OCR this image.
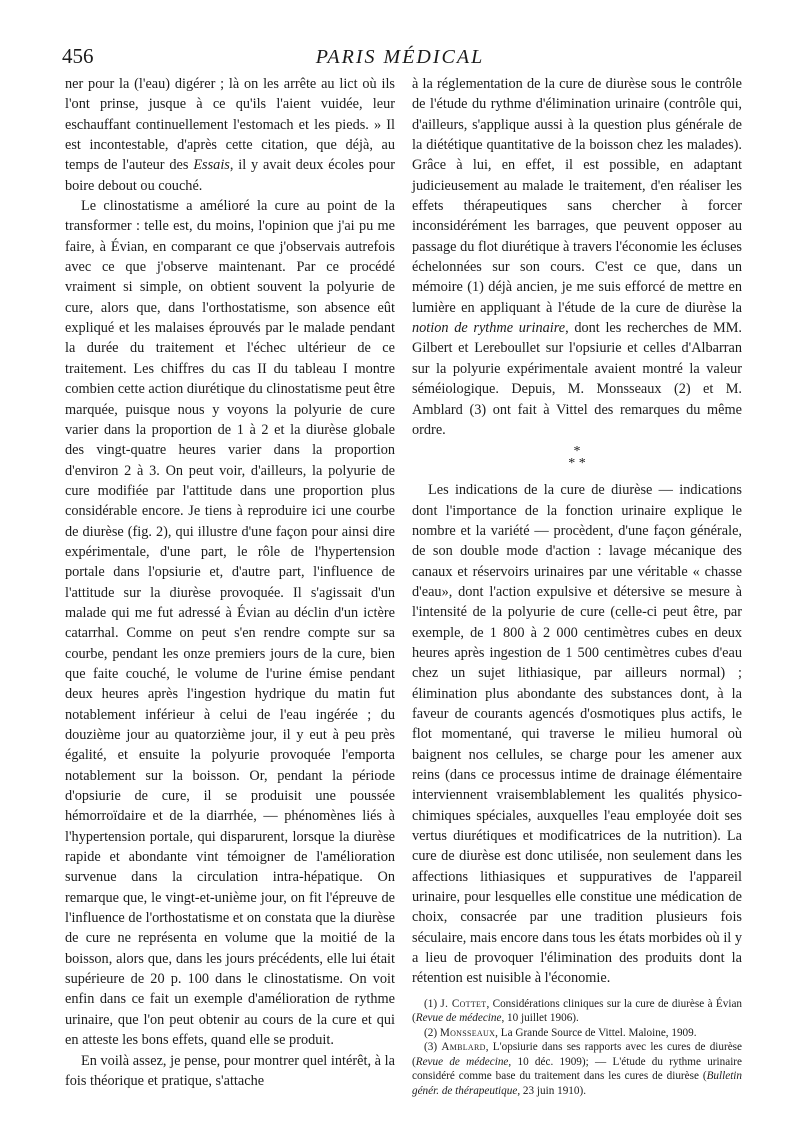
456	PARIS MÉDICAL

ner pour la (l'eau) digérer ; là on les arrête au lict où ils l'ont prinse, jusque à ce qu'ils l'aient vuidée, leur eschauffant continuellement l'estomach et les pieds. » Il est incontestable, d'après cette citation, que déjà, au temps de l'auteur des Essais, il y avait deux écoles pour boire debout ou couché.

Le clinostatisme a amélioré la cure au point de la transformer : telle est, du moins, l'opinion que j'ai pu me faire, à Évian, en comparant ce que j'observais autrefois avec ce que j'observe maintenant. Par ce procédé vraiment si simple, on obtient souvent la polyurie de cure, alors que, dans l'orthostatisme, son absence eût expliqué et les malaises éprouvés par le malade pendant la durée du traitement et l'échec ultérieur de ce traitement. Les chiffres du cas II du tableau I montre combien cette action diurétique du clinostatisme peut être marquée, puisque nous y voyons la polyurie de cure varier dans la proportion de 1 à 2 et la diurèse globale des vingt-quatre heures varier dans la proportion d'environ 2 à 3. On peut voir, d'ailleurs, la polyurie de cure modifiée par l'attitude dans une proportion plus considérable encore. Je tiens à reproduire ici une courbe de diurèse (fig. 2), qui illustre d'une façon pour ainsi dire expérimentale, d'une part, le rôle de l'hypertension portale dans l'opsiurie et, d'autre part, l'influence de l'attitude sur la diurèse provoquée. Il s'agissait d'un malade qui me fut adressé à Évian au déclin d'un ictère catarrhal. Comme on peut s'en rendre compte sur sa courbe, pendant les onze premiers jours de la cure, bien que faite couché, le volume de l'urine émise pendant deux heures après l'ingestion hydrique du matin fut notablement inférieur à celui de l'eau ingérée ; du douzième jour au quatorzième jour, il y eut à peu près égalité, et ensuite la polyurie provoquée l'emporta notablement sur la boisson. Or, pendant la période d'opsiurie de cure, il se produisit une poussée hémorroïdaire et de la diarrhée, — phénomènes liés à l'hypertension portale, qui disparurent, lorsque la diurèse rapide et abondante vint témoigner de l'amélioration survenue dans la circulation intra-hépatique. On remarque que, le vingt-et-unième jour, on fit l'épreuve de l'influence de l'orthostatisme et on constata que la diurèse de cure ne représenta en volume que la moitié de la boisson, alors que, dans les jours précédents, elle lui était supérieure de 20 p. 100 dans le clinostatisme. On voit enfin dans ce fait un exemple d'amélioration de rythme urinaire, que l'on peut obtenir au cours de la cure et qui en atteste les bons effets, quand elle se produit.

En voilà assez, je pense, pour montrer quel intérêt, à la fois théorique et pratique, s'attache

à la réglementation de la cure de diurèse sous le contrôle de l'étude du rythme d'élimination urinaire (contrôle qui, d'ailleurs, s'applique aussi à la question plus générale de la diététique quantitative de la boisson chez les malades). Grâce à lui, en effet, il est possible, en adaptant judicieusement au malade le traitement, d'en réaliser les effets thérapeutiques sans chercher à forcer inconsidérément les barrages, que peuvent opposer au passage du flot diurétique à travers l'économie les écluses échelonnées sur son cours. C'est ce que, dans un mémoire (1) déjà ancien, je me suis efforcé de mettre en lumière en appliquant à l'étude de la cure de diurèse la notion de rythme urinaire, dont les recherches de MM. Gilbert et Lereboullet sur l'opsiurie et celles d'Albarran sur la polyurie expérimentale avaient montré la valeur séméiologique. Depuis, M. Monsseaux (2) et M. Amblard (3) ont fait à Vittel des remarques du même ordre.

*
* *

Les indications de la cure de diurèse — indications dont l'importance de la fonction urinaire explique le nombre et la variété — procèdent, d'une façon générale, de son double mode d'action : lavage mécanique des canaux et réservoirs urinaires par une véritable « chasse d'eau», dont l'action expulsive et détersive se mesure à l'intensité de la polyurie de cure (celle-ci peut être, par exemple, de 1 800 à 2 000 centimètres cubes en deux heures après ingestion de 1 500 centimètres cubes d'eau chez un sujet lithiasique, par ailleurs normal) ; élimination plus abondante des substances dont, à la faveur de courants agencés d'osmotiques plus actifs, le flot momentané, qui traverse le milieu humoral où baignent nos cellules, se charge pour les amener aux reins (dans ce processus intime de drainage élémentaire interviennent vraisemblablement les qualités physico-chimiques spéciales, auxquelles l'eau employée doit ses vertus diurétiques et modificatrices de la nutrition). La cure de diurèse est donc utilisée, non seulement dans les affections lithiasiques et suppuratives de l'appareil urinaire, pour lesquelles elle constitue une médication de choix, consacrée par une tradition plusieurs fois séculaire, mais encore dans tous les états morbides où il y a lieu de provoquer l'élimination des produits dont la rétention est nuisible à l'économie.

(1) J. Cottet, Considérations cliniques sur la cure de diurèse à Évian (Revue de médecine, 10 juillet 1906).

(2) Monsseaux, La Grande Source de Vittel. Maloine, 1909.

(3) Amblard, L'opsiurie dans ses rapports avec les cures de diurèse (Revue de médecine, 10 déc. 1909); — L'étude du rythme urinaire considéré comme base du traitement dans les cures de diurèse (Bulletin génér. de thérapeutique, 23 juin 1910).
